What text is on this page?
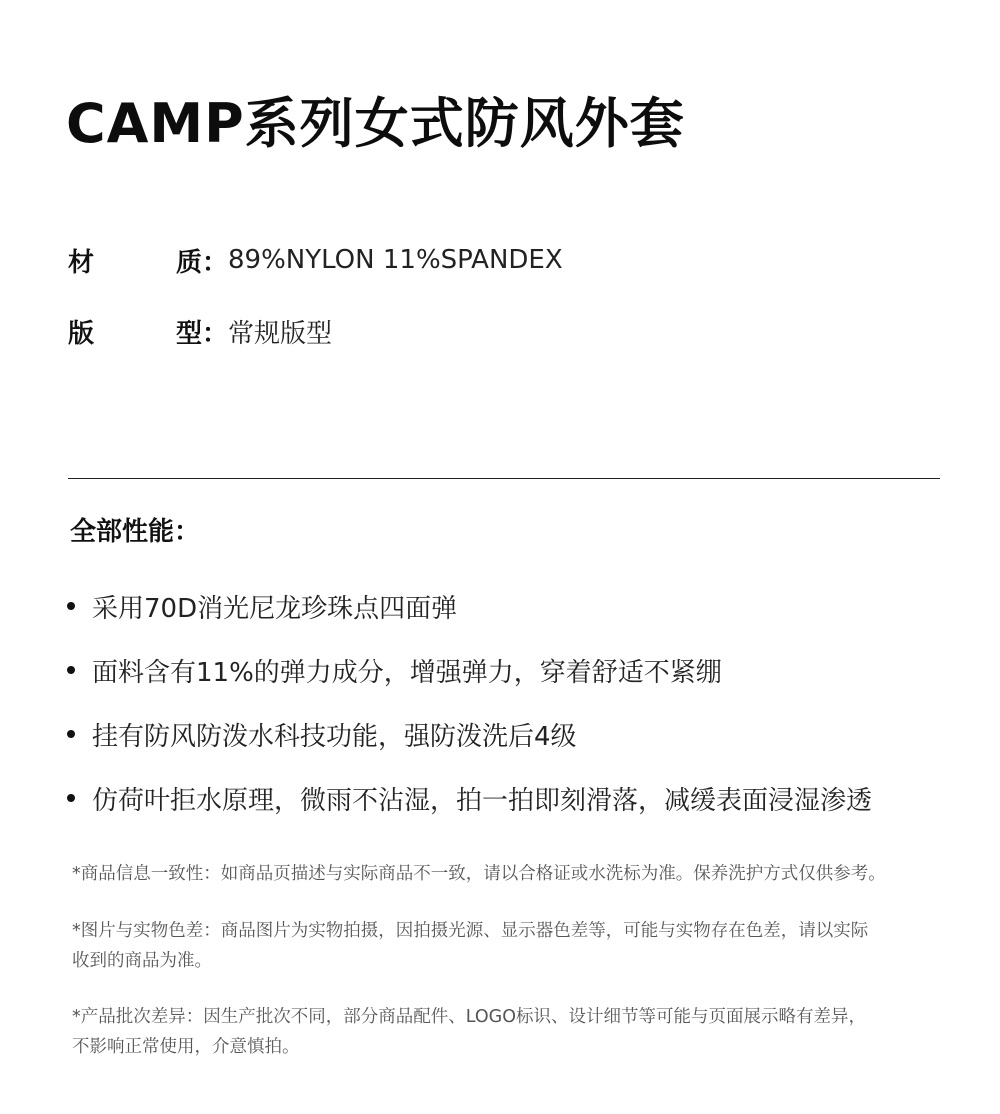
CAMP系列女式防风外套
材	质： 89%NYLON 11%SPANDEX
版	型： 常规版型
全部性能：
采用70D消光尼龙珍珠点四面弹
面料含有11%的弹力成分，增强弹力，穿着舒适不紧绷
挂有防风防泼水科技功能，强防泼洗后4级
仿荷叶拒水原理，微雨不沾湿，拍一拍即刻滑落，减缓表面浸湿渗透
*商品信息一致性：如商品页描述与实际商品不一致，请以合格证或水洗标为准。保养洗护方式仅供参考。
*图片与实物色差：商品图片为实物拍摄，因拍摄光源、显示器色差等，可能与实物存在色差，请以实际
收到的商品为准。
*产品批次差异：因生产批次不同，部分商品配件、LOGO标识、设计细节等可能与页面展示略有差异，
不影响正常使用，介意慎拍。
